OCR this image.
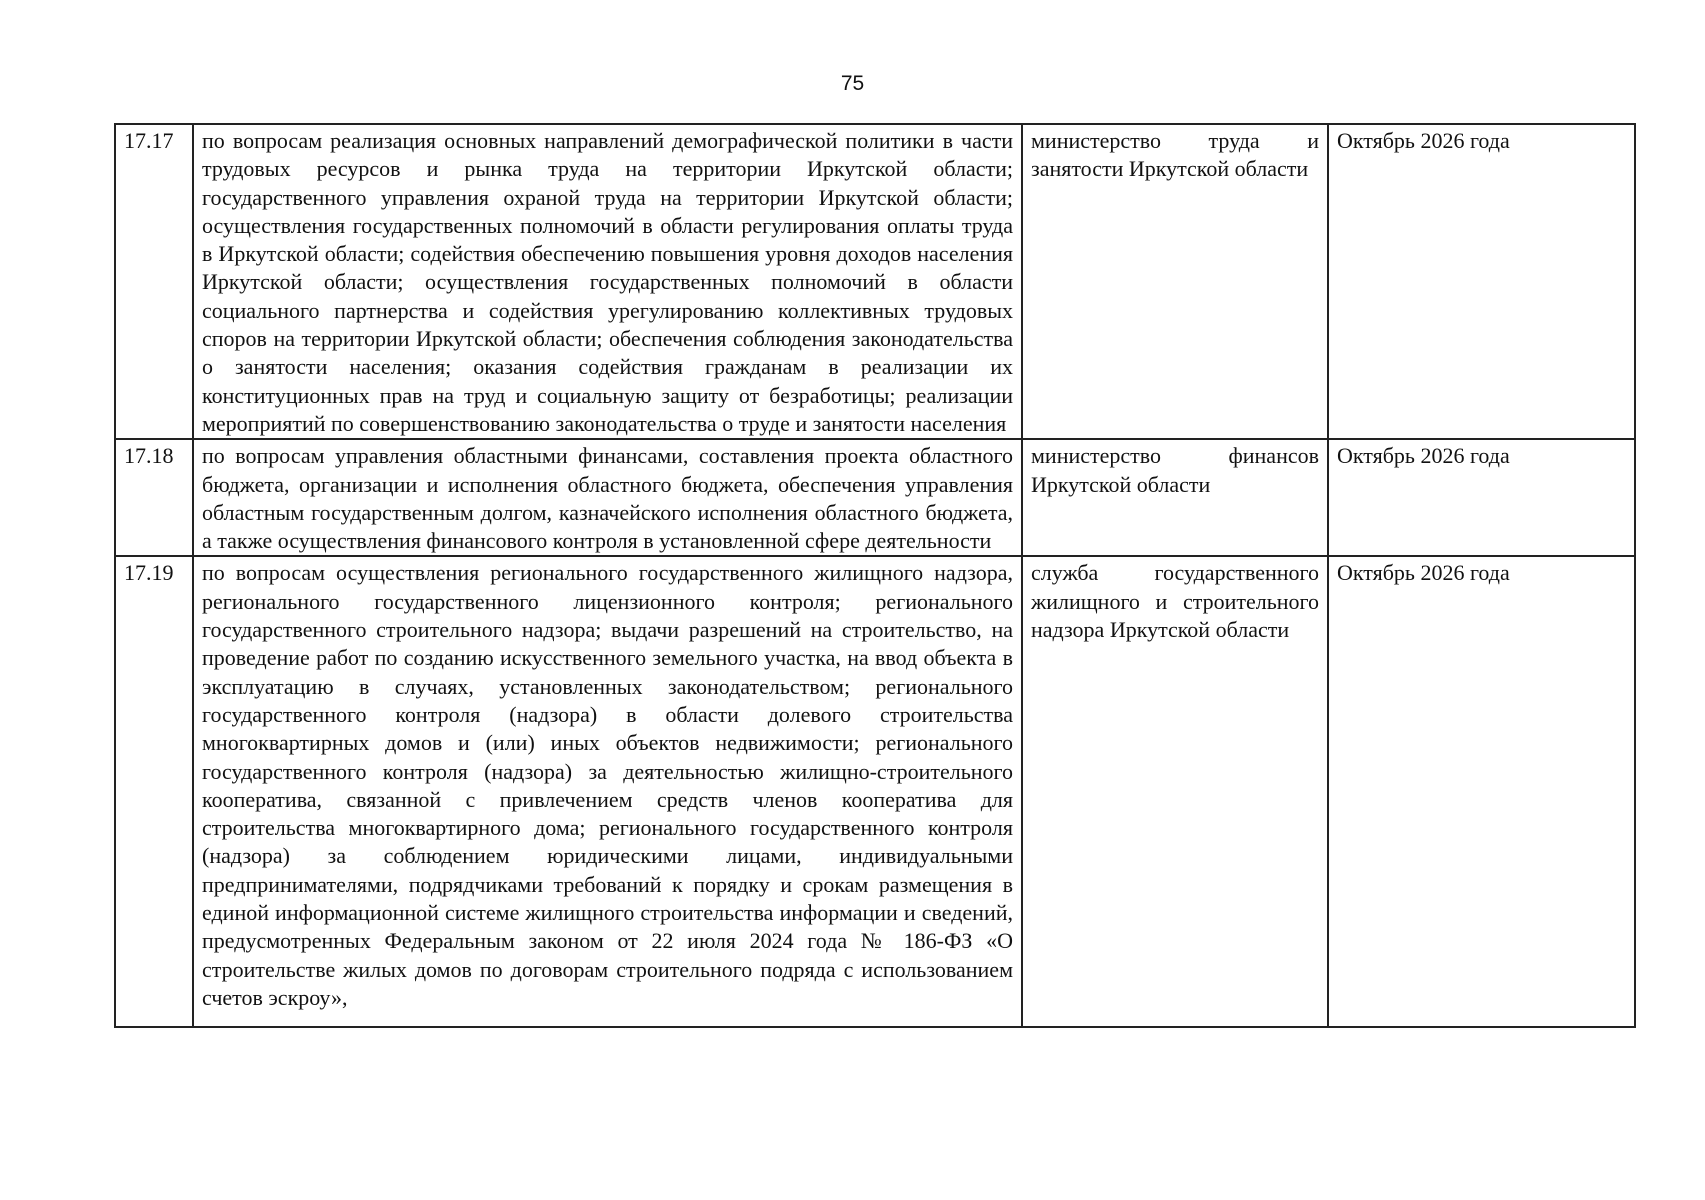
75
17.17	по вопросам реализация основных направлений демографической политики в части трудовых ресурсов и рынка труда на территории Иркутской области; государственного управления охраной труда на территории Иркутской области; осуществления государственных полномочий в области регулирования оплаты труда в Иркутской области; содействия обеспечению повышения уровня доходов населения Иркутской области; осуществления государственных полномочий в области социального партнерства и содействия урегулированию коллективных трудовых споров на территории Иркутской области; обеспечения соблюдения законодательства о занятости населения; оказания содействия гражданам в реализации их конституционных прав на труд и социальную защиту от безработицы; реализации мероприятий по совершенствованию законодательства о труде и занятости населения	министерство труда и занятости Иркутской области	Октябрь 2026 года
17.18	по вопросам управления областными финансами, составления проекта областного бюджета, организации и исполнения областного бюджета, обеспечения управления областным государственным долгом, казначейского исполнения областного бюджета, а также осуществления финансового контроля в установленной сфере деятельности	министерство финансов Иркутской области	Октябрь 2026 года
17.19	по вопросам осуществления регионального государственного жилищного надзора, регионального государственного лицензионного контроля; регионального государственного строительного надзора; выдачи разрешений на строительство, на проведение работ по созданию искусственного земельного участка, на ввод объекта в эксплуатацию в случаях, установленных законодательством; регионального государственного контроля (надзора) в области долевого строительства многоквартирных домов и (или) иных объектов недвижимости; регионального государственного контроля (надзора) за деятельностью жилищно-строительного кооператива, связанной с привлечением средств членов кооператива для строительства многоквартирного дома; регионального государственного контроля (надзора) за соблюдением юридическими лицами, индивидуальными предпринимателями, подрядчиками требований к порядку и срокам размещения в единой информационной системе жилищного строительства информации и сведений, предусмотренных Федеральным законом от 22 июля 2024 года № 186-ФЗ «О строительстве жилых домов по договорам строительного подряда с использованием счетов эскроу»,	служба государственного жилищного и строительного надзора Иркутской области	Октябрь 2026 года
